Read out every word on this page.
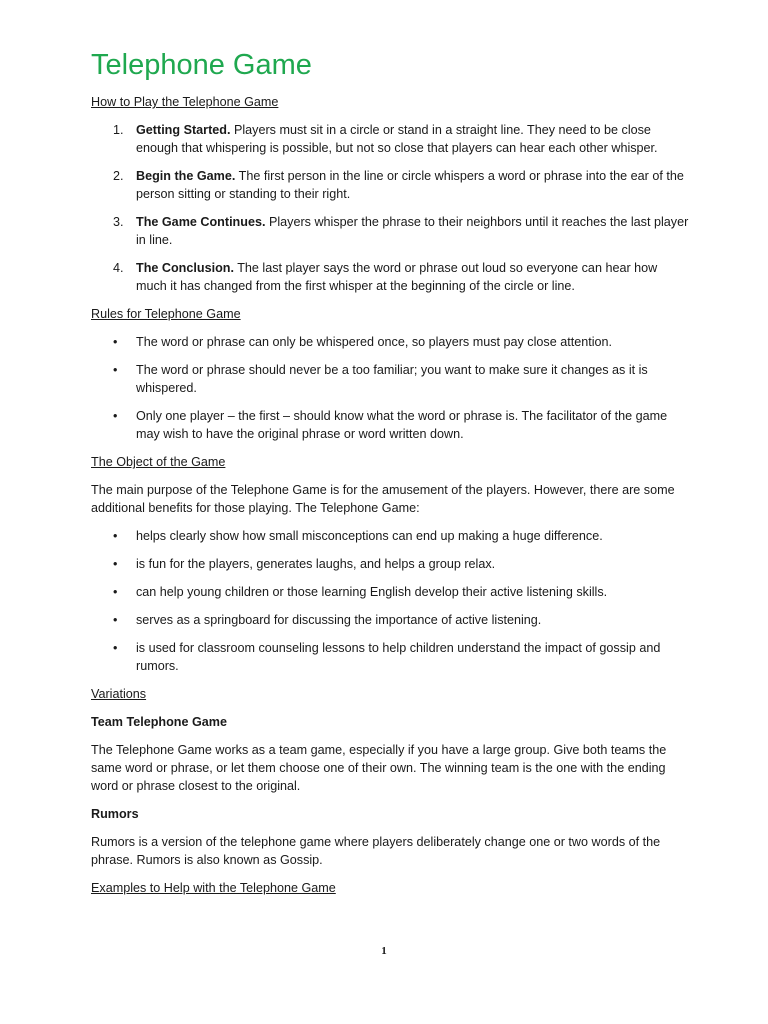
Telephone Game
How to Play the Telephone Game
1. Getting Started. Players must sit in a circle or stand in a straight line. They need to be close enough that whispering is possible, but not so close that players can hear each other whisper.
2. Begin the Game. The first person in the line or circle whispers a word or phrase into the ear of the person sitting or standing to their right.
3. The Game Continues. Players whisper the phrase to their neighbors until it reaches the last player in line.
4. The Conclusion. The last player says the word or phrase out loud so everyone can hear how much it has changed from the first whisper at the beginning of the circle or line.
Rules for Telephone Game
• The word or phrase can only be whispered once, so players must pay close attention.
• The word or phrase should never be a too familiar; you want to make sure it changes as it is whispered.
• Only one player – the first – should know what the word or phrase is. The facilitator of the game may wish to have the original phrase or word written down.
The Object of the Game

The main purpose of the Telephone Game is for the amusement of the players. However, there are some additional benefits for those playing. The Telephone Game:

• helps clearly show how small misconceptions can end up making a huge difference.
• is fun for the players, generates laughs, and helps a group relax.
• can help young children or those learning English develop their active listening skills.
• serves as a springboard for discussing the importance of active listening.
• is used for classroom counseling lessons to help children understand the impact of gossip and rumors.
Variations
Team Telephone Game

The Telephone Game works as a team game, especially if you have a large group. Give both teams the same word or phrase, or let them choose one of their own. The winning team is the one with the ending word or phrase closest to the original.

Rumors

Rumors is a version of the telephone game where players deliberately change one or two words of the phrase. Rumors is also known as Gossip.

Examples to Help with the Telephone Game
1
